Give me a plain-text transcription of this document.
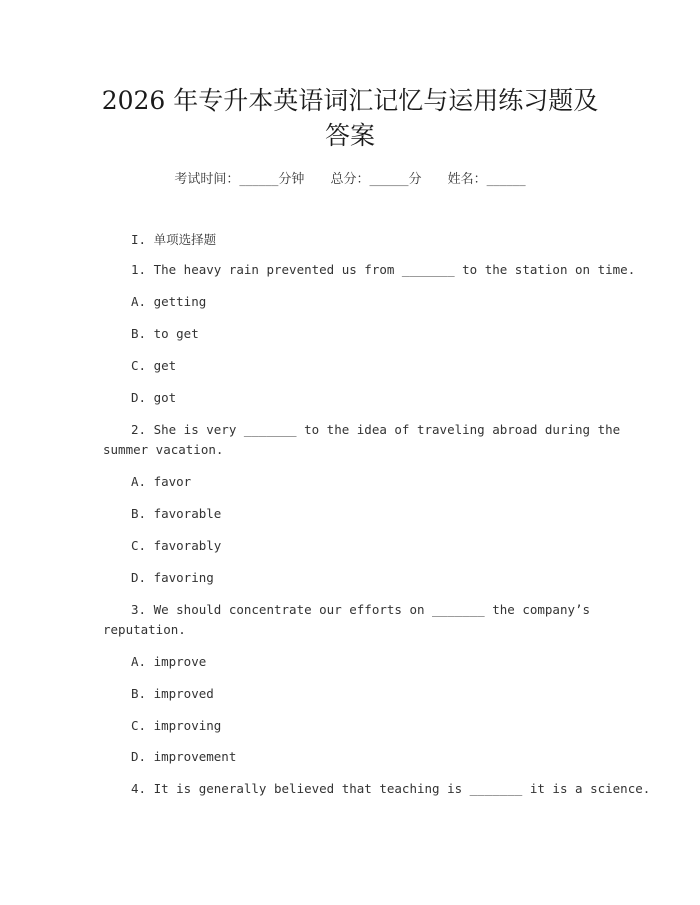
2026 年专升本英语词汇记忆与运用练习题及
答案
考试时间：______分钟 总分：______分 姓名：______
I. 单项选择题
1. The heavy rain prevented us from _______ to the station on time.
A. getting
B. to get
C. get
D. got
2. She is very _______ to the idea of traveling abroad during the
summer vacation.
A. favor
B. favorable
C. favorably
D. favoring
3. We should concentrate our efforts on _______ the company’s
reputation.
A. improve
B. improved
C. improving
D. improvement
4. It is generally believed that teaching is _______ it is a science.
